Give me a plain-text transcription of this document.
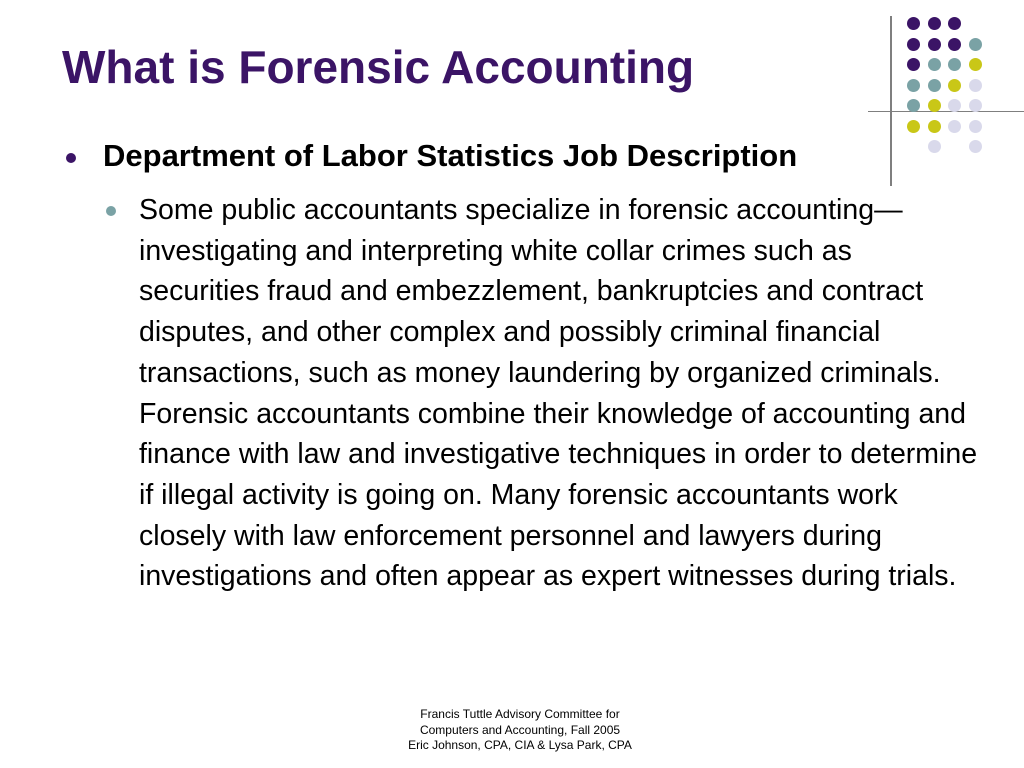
What is Forensic Accounting
Department of Labor Statistics Job Description
Some public accountants specialize in forensic accounting—investigating and interpreting white collar crimes such as securities fraud and embezzlement, bankruptcies and contract disputes, and other complex and possibly criminal financial transactions, such as money laundering by organized criminals. Forensic accountants combine their knowledge of accounting and finance with law and investigative techniques in order to determine if illegal activity is going on. Many forensic accountants work closely with law enforcement personnel and lawyers during investigations and often appear as expert witnesses during trials.
Francis Tuttle Advisory Committee for
Computers and Accounting, Fall 2005
Eric Johnson, CPA, CIA & Lysa Park, CPA
